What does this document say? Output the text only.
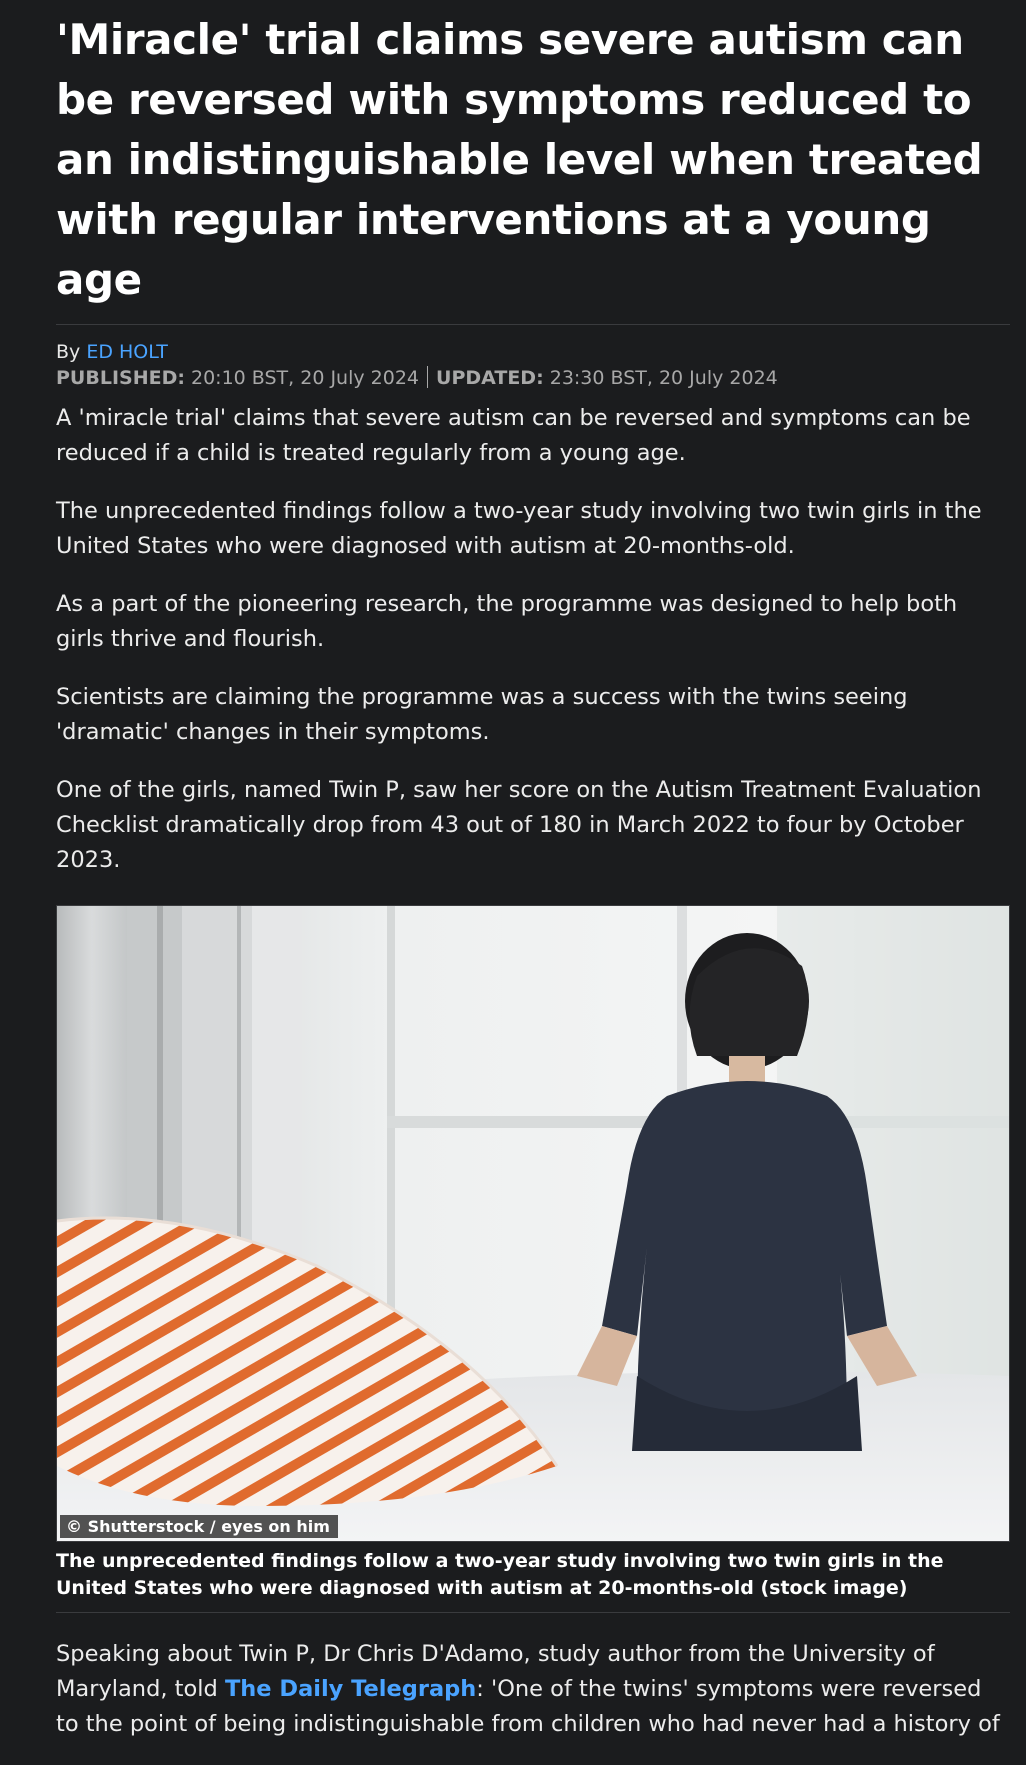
'Miracle' trial claims severe autism can be reversed with symptoms reduced to an indistinguishable level when treated with regular interventions at a young age
By ED HOLT
PUBLISHED: 20:10 BST, 20 July 2024 UPDATED: 23:30 BST, 20 July 2024

A 'miracle trial' claims that severe autism can be reversed and symptoms can be reduced if a child is treated regularly from a young age.

The unprecedented findings follow a two-year study involving two twin girls in the United States who were diagnosed with autism at 20-months-old.

As a part of the pioneering research, the programme was designed to help both girls thrive and flourish.

Scientists are claiming the programme was a success with the twins seeing 'dramatic' changes in their symptoms.

One of the girls, named Twin P, saw her score on the Autism Treatment Evaluation Checklist dramatically drop from 43 out of 180 in March 2022 to four by October 2023.

© Shutterstock / eyes on him
The unprecedented findings follow a two-year study involving two twin girls in the United States who were diagnosed with autism at 20-months-old (stock image)

Speaking about Twin P, Dr Chris D'Adamo, study author from the University of Maryland, told The Daily Telegraph: 'One of the twins' symptoms were reversed to the point of being indistinguishable from children who had never had a history of
